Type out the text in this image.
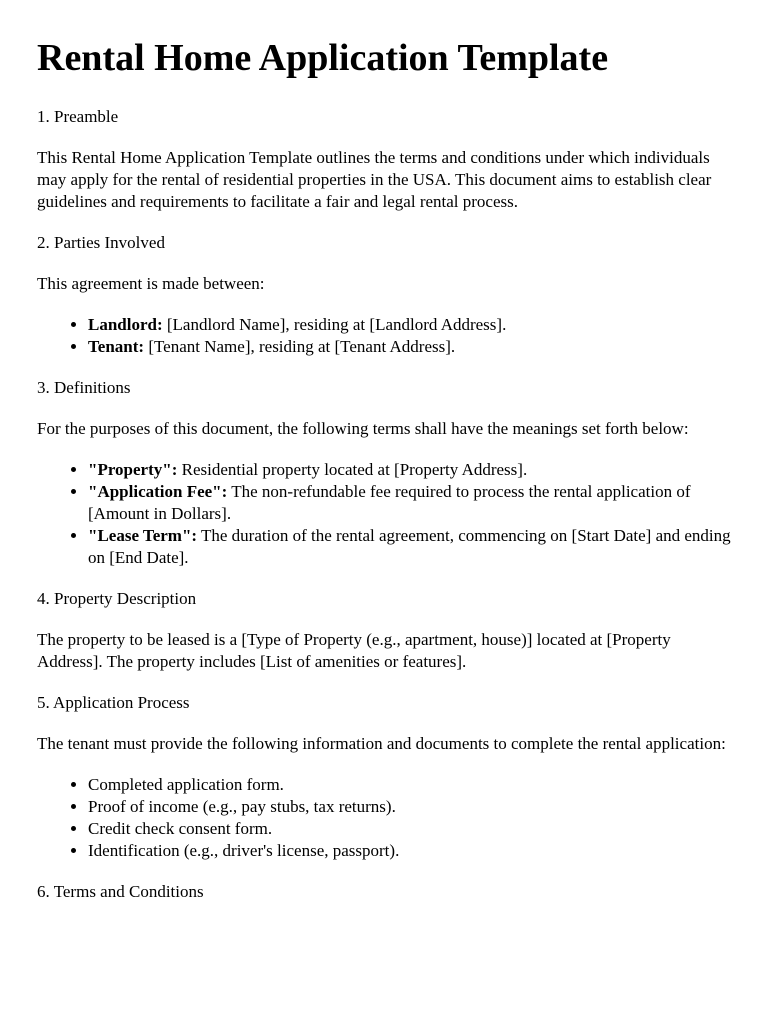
Rental Home Application Template
1. Preamble

This Rental Home Application Template outlines the terms and conditions under which individuals may apply for the rental of residential properties in the USA. This document aims to establish clear guidelines and requirements to facilitate a fair and legal rental process.

2. Parties Involved

This agreement is made between:

• Landlord: [Landlord Name], residing at [Landlord Address].
• Tenant: [Tenant Name], residing at [Tenant Address].
3. Definitions

For the purposes of this document, the following terms shall have the meanings set forth below:

• "Property": Residential property located at [Property Address].
• "Application Fee": The non-refundable fee required to process the rental application of [Amount in Dollars].
• "Lease Term": The duration of the rental agreement, commencing on [Start Date] and ending on [End Date].
4. Property Description

The property to be leased is a [Type of Property (e.g., apartment, house)] located at [Property Address]. The property includes [List of amenities or features].

5. Application Process

The tenant must provide the following information and documents to complete the rental application:

• Completed application form.
• Proof of income (e.g., pay stubs, tax returns).
• Credit check consent form.
• Identification (e.g., driver's license, passport).
6. Terms and Conditions
